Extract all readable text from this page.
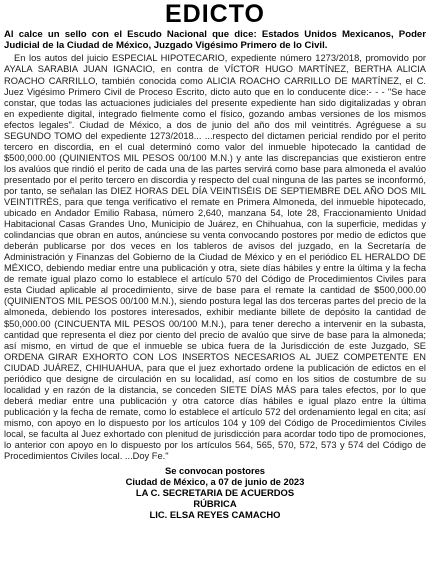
EDICTO

Al calce un sello con el Escudo Nacional que dice: Estados Unidos Mexicanos, Poder Judicial de la Ciudad de México, Juzgado Vigésimo Primero de lo Civil.

En los autos del juicio ESPECIAL HIPOTECARIO, expediente número 1273/2018, promovido por AYALA SARABIA JUAN IGNACIO, en contra de VÍCTOR HUGO MARTÍNEZ, BERTHA ALICIA ROACHO CARRILLO, también conocida como ALICIA ROACHO CARRILLO DE MARTÍNEZ, el C. Juez Vigésimo Primero Civil de Proceso Escrito, dicto auto que en lo conducente dice:- - - "Se hace constar, que todas las actuaciones judiciales del presente expediente han sido digitalizadas y obran en expediente digital, integrado fielmente como el físico, gozando ambas versiones de los mismos efectos legales". Ciudad de México, a dos de junio del año dos mil veintitrés. Agréguese a su SEGUNDO TOMO del expediente 1273/2018... ...respecto del dictamen pericial rendido por el perito tercero en discordia, en el cual determinó como valor del inmueble hipotecado la cantidad de $500,000.00 (QUINIENTOS MIL PESOS 00/100 M.N.) y ante las discrepancias que existieron entre los avalúos que rindió el perito de cada una de las partes servirá como base para almoneda el avalúo presentado por el perito tercero en discordia y respecto del cual ninguna de las partes se inconformó, por tanto, se señalan las DIEZ HORAS DEL DÍA VEINTISÉIS DE SEPTIEMBRE DEL AÑO DOS MIL VEINTITRÉS, para que tenga verificativo el remate en Primera Almoneda, del inmueble hipotecado, ubicado en Andador Emilio Rabasa, número 2,640, manzana 54, lote 28, Fraccionamiento Unidad Habitacional Casas Grandes Uno, Municipio de Juárez, en Chihuahua, con la superficie, medidas y colindancias que obran en autos, anúnciese su venta convocando postores por medio de edictos que deberán publicarse por dos veces en los tableros de avisos del juzgado, en la Secretaría de Administración y Finanzas del Gobierno de la Ciudad de México y en el periódico EL HERALDO DE MÉXICO, debiendo mediar entre una publicación y otra, siete días hábiles y entre la última y la fecha de remate igual plazo como lo establece el artículo 570 del Código de Procedimientos Civiles para esta Ciudad aplicable al procedimiento, sirve de base para el remate la cantidad de $500,000.00 (QUINIENTOS MIL PESOS 00/100 M.N.), siendo postura legal las dos terceras partes del precio de la almoneda, debiendo los postores interesados, exhibir mediante billete de depósito la cantidad de $50,000.00 (CINCUENTA MIL PESOS 00/100 M.N.), para tener derecho a intervenir en la subasta, cantidad que representa el diez por ciento del precio de avalúo que sirve de base para la almoneda; así mismo, en virtud de que el inmueble se ubica fuera de la Jurisdicción de este Juzgado, SE ORDENA GIRAR EXHORTO CON LOS INSERTOS NECESARIOS AL JUEZ COMPETENTE EN CIUDAD JUÁREZ, CHIHUAHUA, para que el juez exhortado ordene la publicación de edictos en el periódico que designe de circulación en su localidad, así como en los sitios de costumbre de su localidad y en razón de la distancia, se conceden SIETE DÍAS MÁS para tales efectos, por lo que deberá mediar entre una publicación y otra catorce días hábiles e igual plazo entre la última publicación y la fecha de remate, como lo establece el artículo 572 del ordenamiento legal en cita; así mismo, con apoyo en lo dispuesto por los artículos 104 y 109 del Código de Procedimientos Civiles local, se faculta al Juez exhortado con plenitud de jurisdicción para acordar todo tipo de promociones, lo anterior con apoyo en lo dispuesto por los artículos 564, 565, 570, 572, 573 y 574 del Código de Procedimientos Civiles local. ...Doy Fe."

Se convocan postores
Ciudad de México, a 07 de junio de 2023
LA C. SECRETARIA DE ACUERDOS
RÚBRICA
LIC. ELSA REYES CAMACHO
